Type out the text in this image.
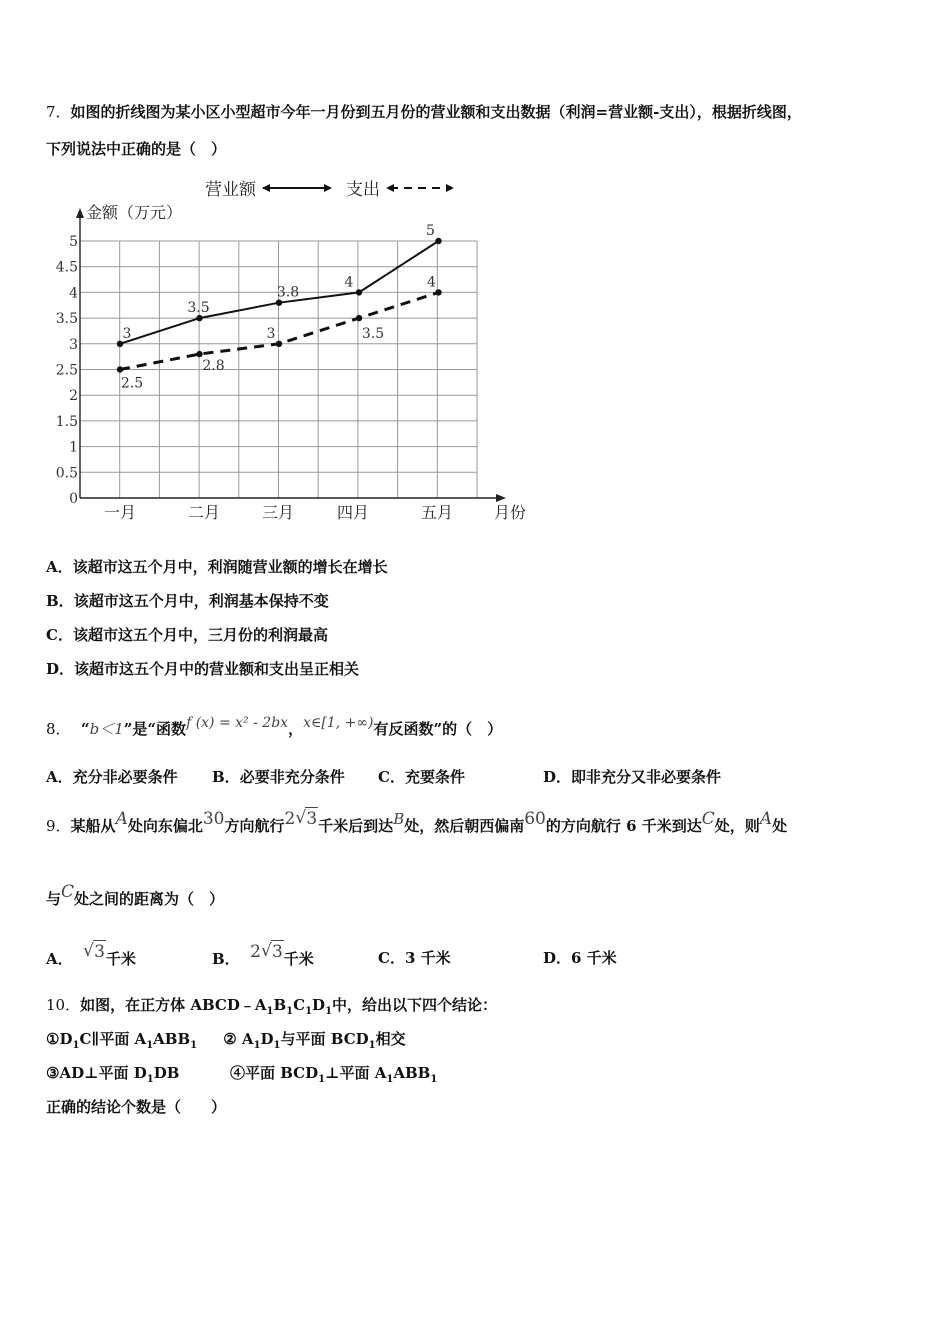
7．如图的折线图为某小区小型超市今年一月份到五月份的营业额和支出数据（利润=营业额-支出），根据折线图，
下列说法中正确的是（　）
0
0.5
1
1.5
2
2.5
3
3.5
4
4.5
5
金额（万元）
月份
一月	二月	三月	四月	五月
营业额	支出
3
3.5
3.8
4
5
2.5
2.8
3	3.5
4
A．该超市这五个月中，利润随营业额的增长在增长
B．该超市这五个月中，利润基本保持不变
C．该超市这五个月中，三月份的利润最高
D．该超市这五个月中的营业额和支出呈正相关
8． “b＜1”是“函数f (x) = x² - 2bx，x∈[1, +∞)有反函数”的（　）
A．充分非必要条件 B．必要非充分条件 C．充要条件	D．即非充分又非必要条件
9．某船从A处向东偏北30方向航行2 √ 3千米后到达B处，然后朝西偏南60的方向航行 6 千米到达C处，则A处
与C处之间的距离为（　）
A． √ 3千米	B． 2 √ 3千米	C．3 千米	D．6 千米
10．如图，在正方体 $ABCD﹣A_1B_1C_1D_1$中，给出以下四个结论：
$①D_1C\parallel$平面 $A_1ABB_1$ ② $A_1D_1$与平面 $BCD_1$相交
③AD⊥平面 $D_1DB$	④平面 $BCD_1\perp$平面 $A_1ABB_1$
正确的结论个数是（　　）
